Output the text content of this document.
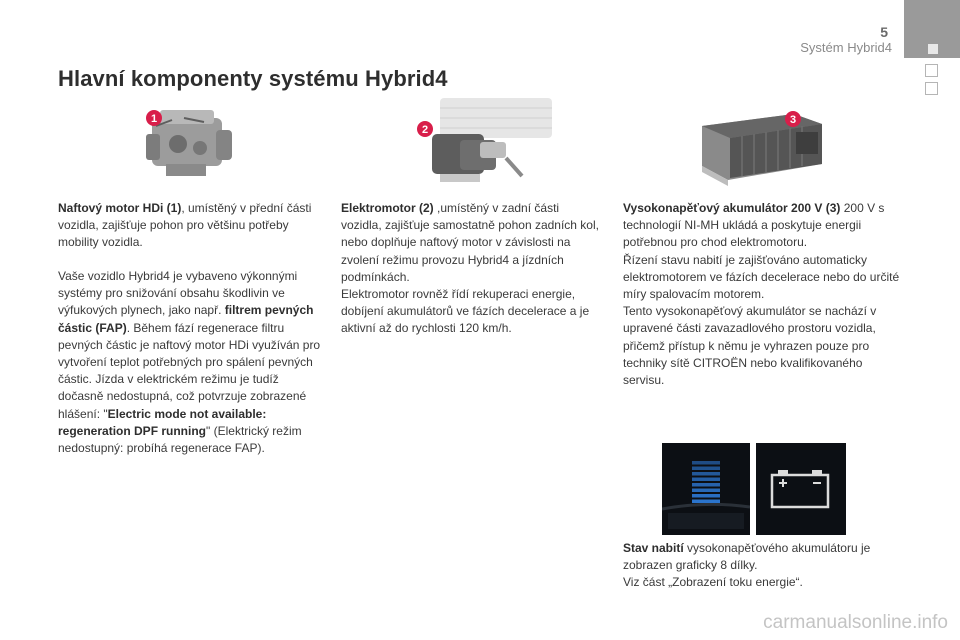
5
Systém Hybrid4
Hlavní komponenty systému Hybrid4
1
2
3

Naftový motor HDi (1), umístěný v přední části vozidla, zajišťuje pohon pro většinu potřeby mobility vozidla.

Vaše vozidlo Hybrid4 je vybaveno výkonnými systémy pro snižování obsahu škodlivin ve výfukových plynech, jako např. filtrem pevných částic (FAP). Během fází regenerace filtru pevných částic je naftový motor HDi využíván pro vytvoření teplot potřebných pro spálení pevných částic. Jízda v elektrickém režimu je tudíž dočasně nedostupná, což potvrzuje zobrazené hlášení: "Electric mode not available: regeneration DPF running" (Elektrický režim nedostupný: probíhá regenerace FAP).

Elektromotor (2) ,umístěný v zadní části vozidla, zajišťuje samostatně pohon zadních kol, nebo doplňuje naftový motor v závislosti na zvolení režimu provozu Hybrid4 a jízdních podmínkách.
Elektromotor rovněž řídí rekuperaci energie, dobíjení akumulátorů ve fázích decelerace a je aktivní až do rychlosti 120 km/h.

Vysokonapěťový akumulátor 200 V (3) 200 V s technologií NI-MH ukládá a poskytuje energii potřebnou pro chod elektromotoru.
Řízení stavu nabití je zajišťováno automaticky elektromotorem ve fázích decelerace nebo do určité míry spalovacím motorem.
Tento vysokonapěťový akumulátor se nachází v upravené části zavazadlového prostoru vozidla, přičemž přístup k němu je vyhrazen pouze pro techniky sítě CITROËN nebo kvalifikovaného servisu.

Stav nabití vysokonapěťového akumulátoru je zobrazen graficky 8 dílky.
Viz část „Zobrazení toku energie“.

carmanualsonline.info
